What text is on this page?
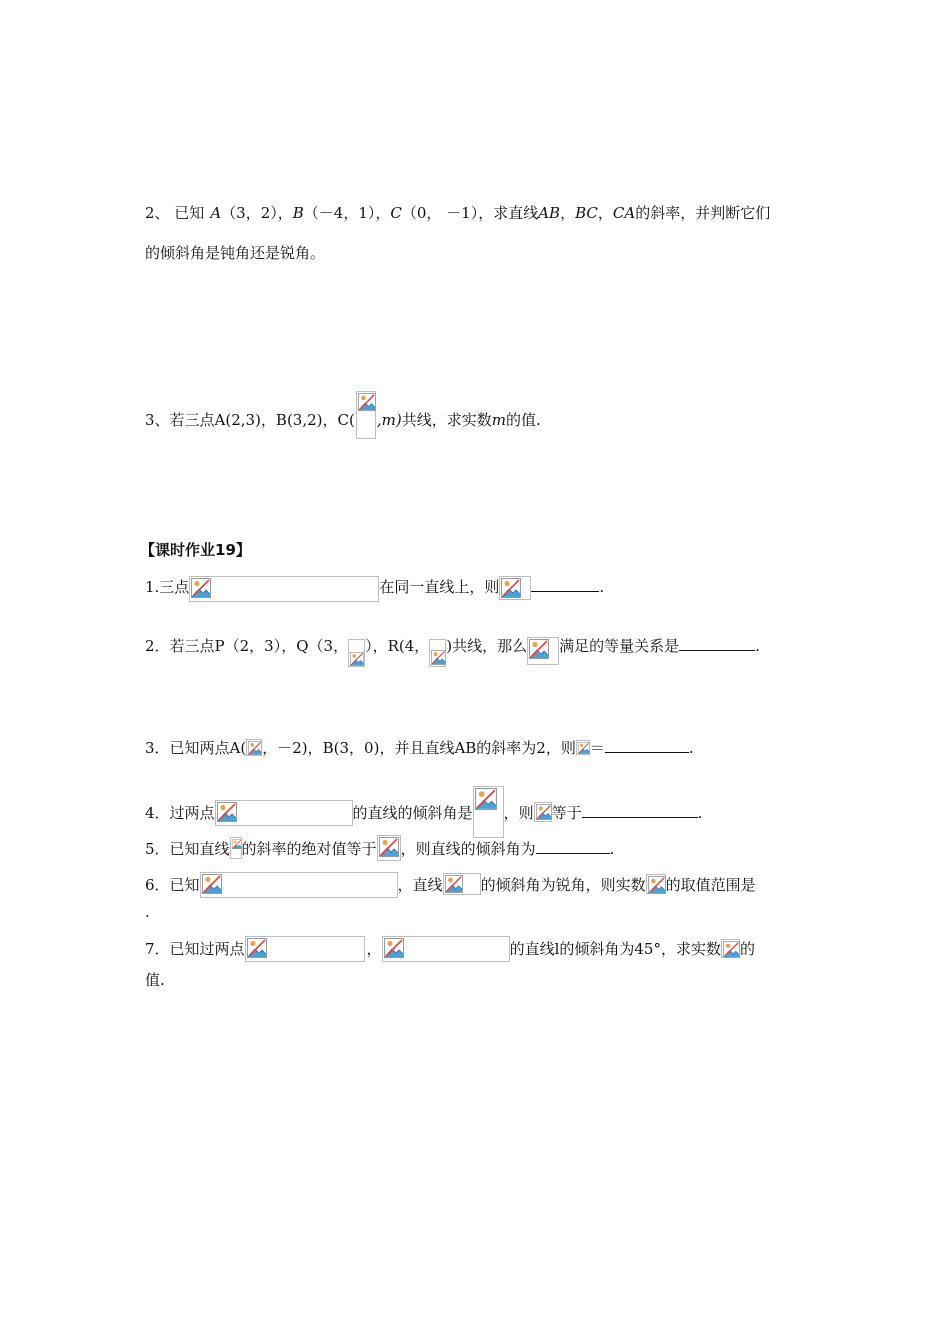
2、 已知 A（3，2），B（－4，1），C（0， －1），求直线AB，BC，CA的斜率，并判断它们
的倾斜角是钝角还是锐角。
3、若三点A(2,3)，B(3,2)，C( ,m)共线，求实数m的值.
【课时作业19】
1.三点	在同一直线上，则	.
2．若三点P（2，3），Q（3， ），R(4， )共线，那么 满足的等量关系是	.
3．已知两点A( ，－2)，B(3，0)，并且直线AB的斜率为2，则 ＝	.
4．过两点	的直线的倾斜角是 ，则 等于	.
5．已知直线 的斜率的绝对值等于 ，则直线的倾斜角为	.
6．已知	，直线	的倾斜角为锐角，则实数 的取值范围是
.
7．已知过两点	，	的直线l的倾斜角为45°，求实数 的
值.
